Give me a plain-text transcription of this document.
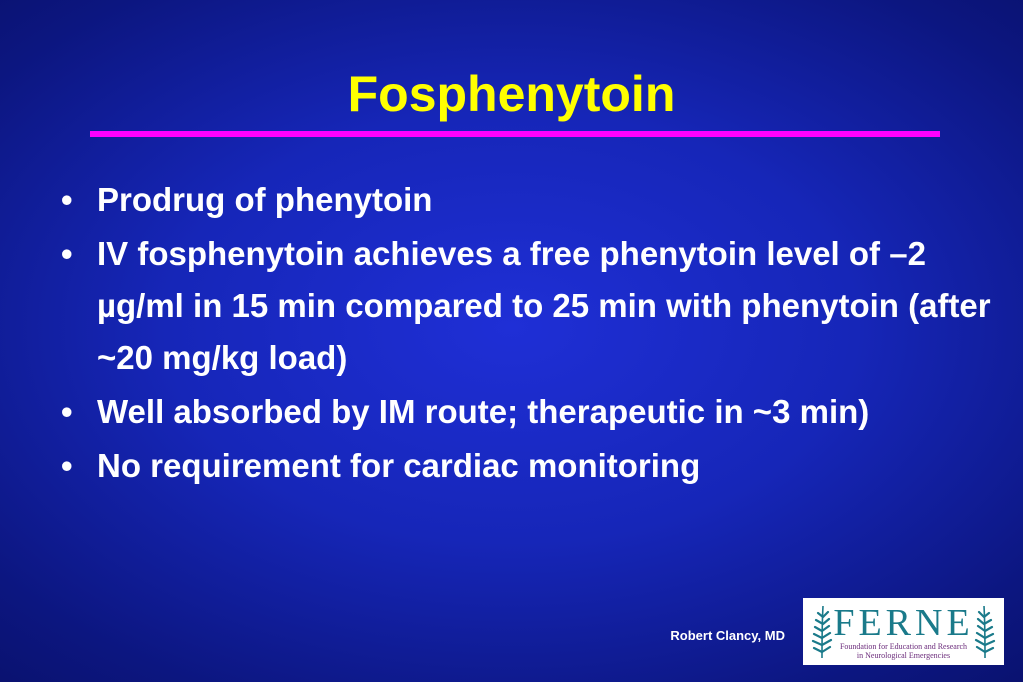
Fosphenytoin
• Prodrug of phenytoin
• IV fosphenytoin achieves a free phenytoin level of –2 µg/ml in 15 min compared to 25 min with phenytoin (after ~20 mg/kg load)
• Well absorbed by IM route; therapeutic in ~3 min)
• No requirement for cardiac monitoring
Robert Clancy, MD	FERNE
Foundation for Education and Research
in Neurological Emergencies
